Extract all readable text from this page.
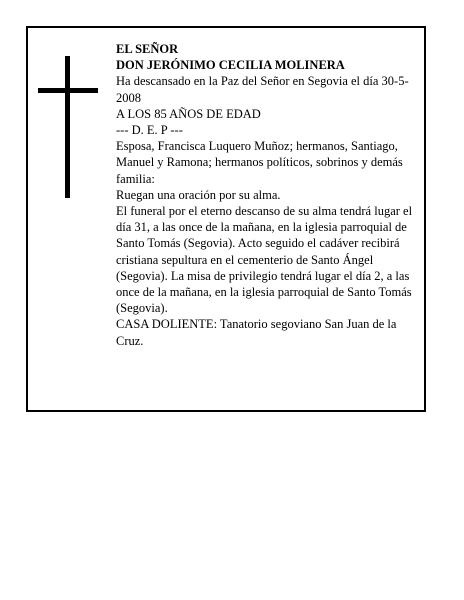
EL SEÑOR

DON JERÓNIMO CECILIA MOLINERA

Ha descansado en la Paz del Señor en Segovia el día 30-5-2008

A LOS 85 AÑOS DE EDAD

--- D. E. P ---

Esposa, Francisca Luquero Muñoz; hermanos, Santiago, Manuel y Ramona; hermanos políticos, sobrinos y demás familia:

Ruegan una oración por su alma.

El funeral por el eterno descanso de su alma tendrá lugar el día 31, a las once de la mañana, en la iglesia parroquial de Santo Tomás (Segovia). Acto seguido el cadáver recibirá cristiana sepultura en el cementerio de Santo Ángel (Segovia). La misa de privilegio tendrá lugar el día 2, a las once de la mañana, en la iglesia parroquial de Santo Tomás (Segovia).

CASA DOLIENTE: Tanatorio segoviano San Juan de la Cruz.
